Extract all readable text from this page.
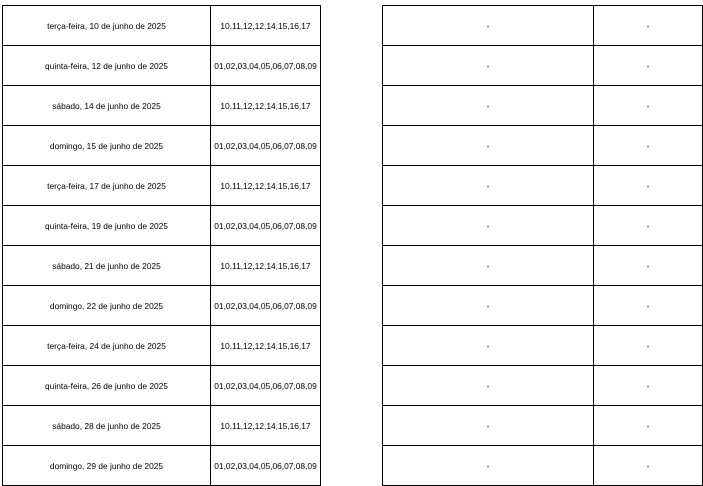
terça-feira, 10 de junho de 2025	10,11,12,12,14,15,16,17
quinta-feira, 12 de junho de 2025	01,02,03,04,05,06,07,08,09
sábado, 14 de junho de 2025	10,11,12,12,14,15,16,17
domingo, 15 de junho de 2025	01,02,03,04,05,06,07,08,09
terça-feira, 17 de junho de 2025	10,11,12,12,14,15,16,17
quinta-feira, 19 de junho de 2025	01,02,03,04,05,06,07,08,09
sábado, 21 de junho de 2025	10,11,12,12,14,15,16,17
domingo, 22 de junho de 2025	01,02,03,04,05,06,07,08,09
terça-feira, 24 de junho de 2025	10,11,12,12,14,15,16,17
quinta-feira, 26 de junho de 2025	01,02,03,04,05,06,07,08,09
sábado, 28 de junho de 2025	10,11,12,12,14,15,16,17
domingo, 29 de junho de 2025	01,02,03,04,05,06,07,08,09
-	-
-	-
-	-
-	-
-	-
-	-
-	-
-	-
-	-
-	-
-	-
-	-
